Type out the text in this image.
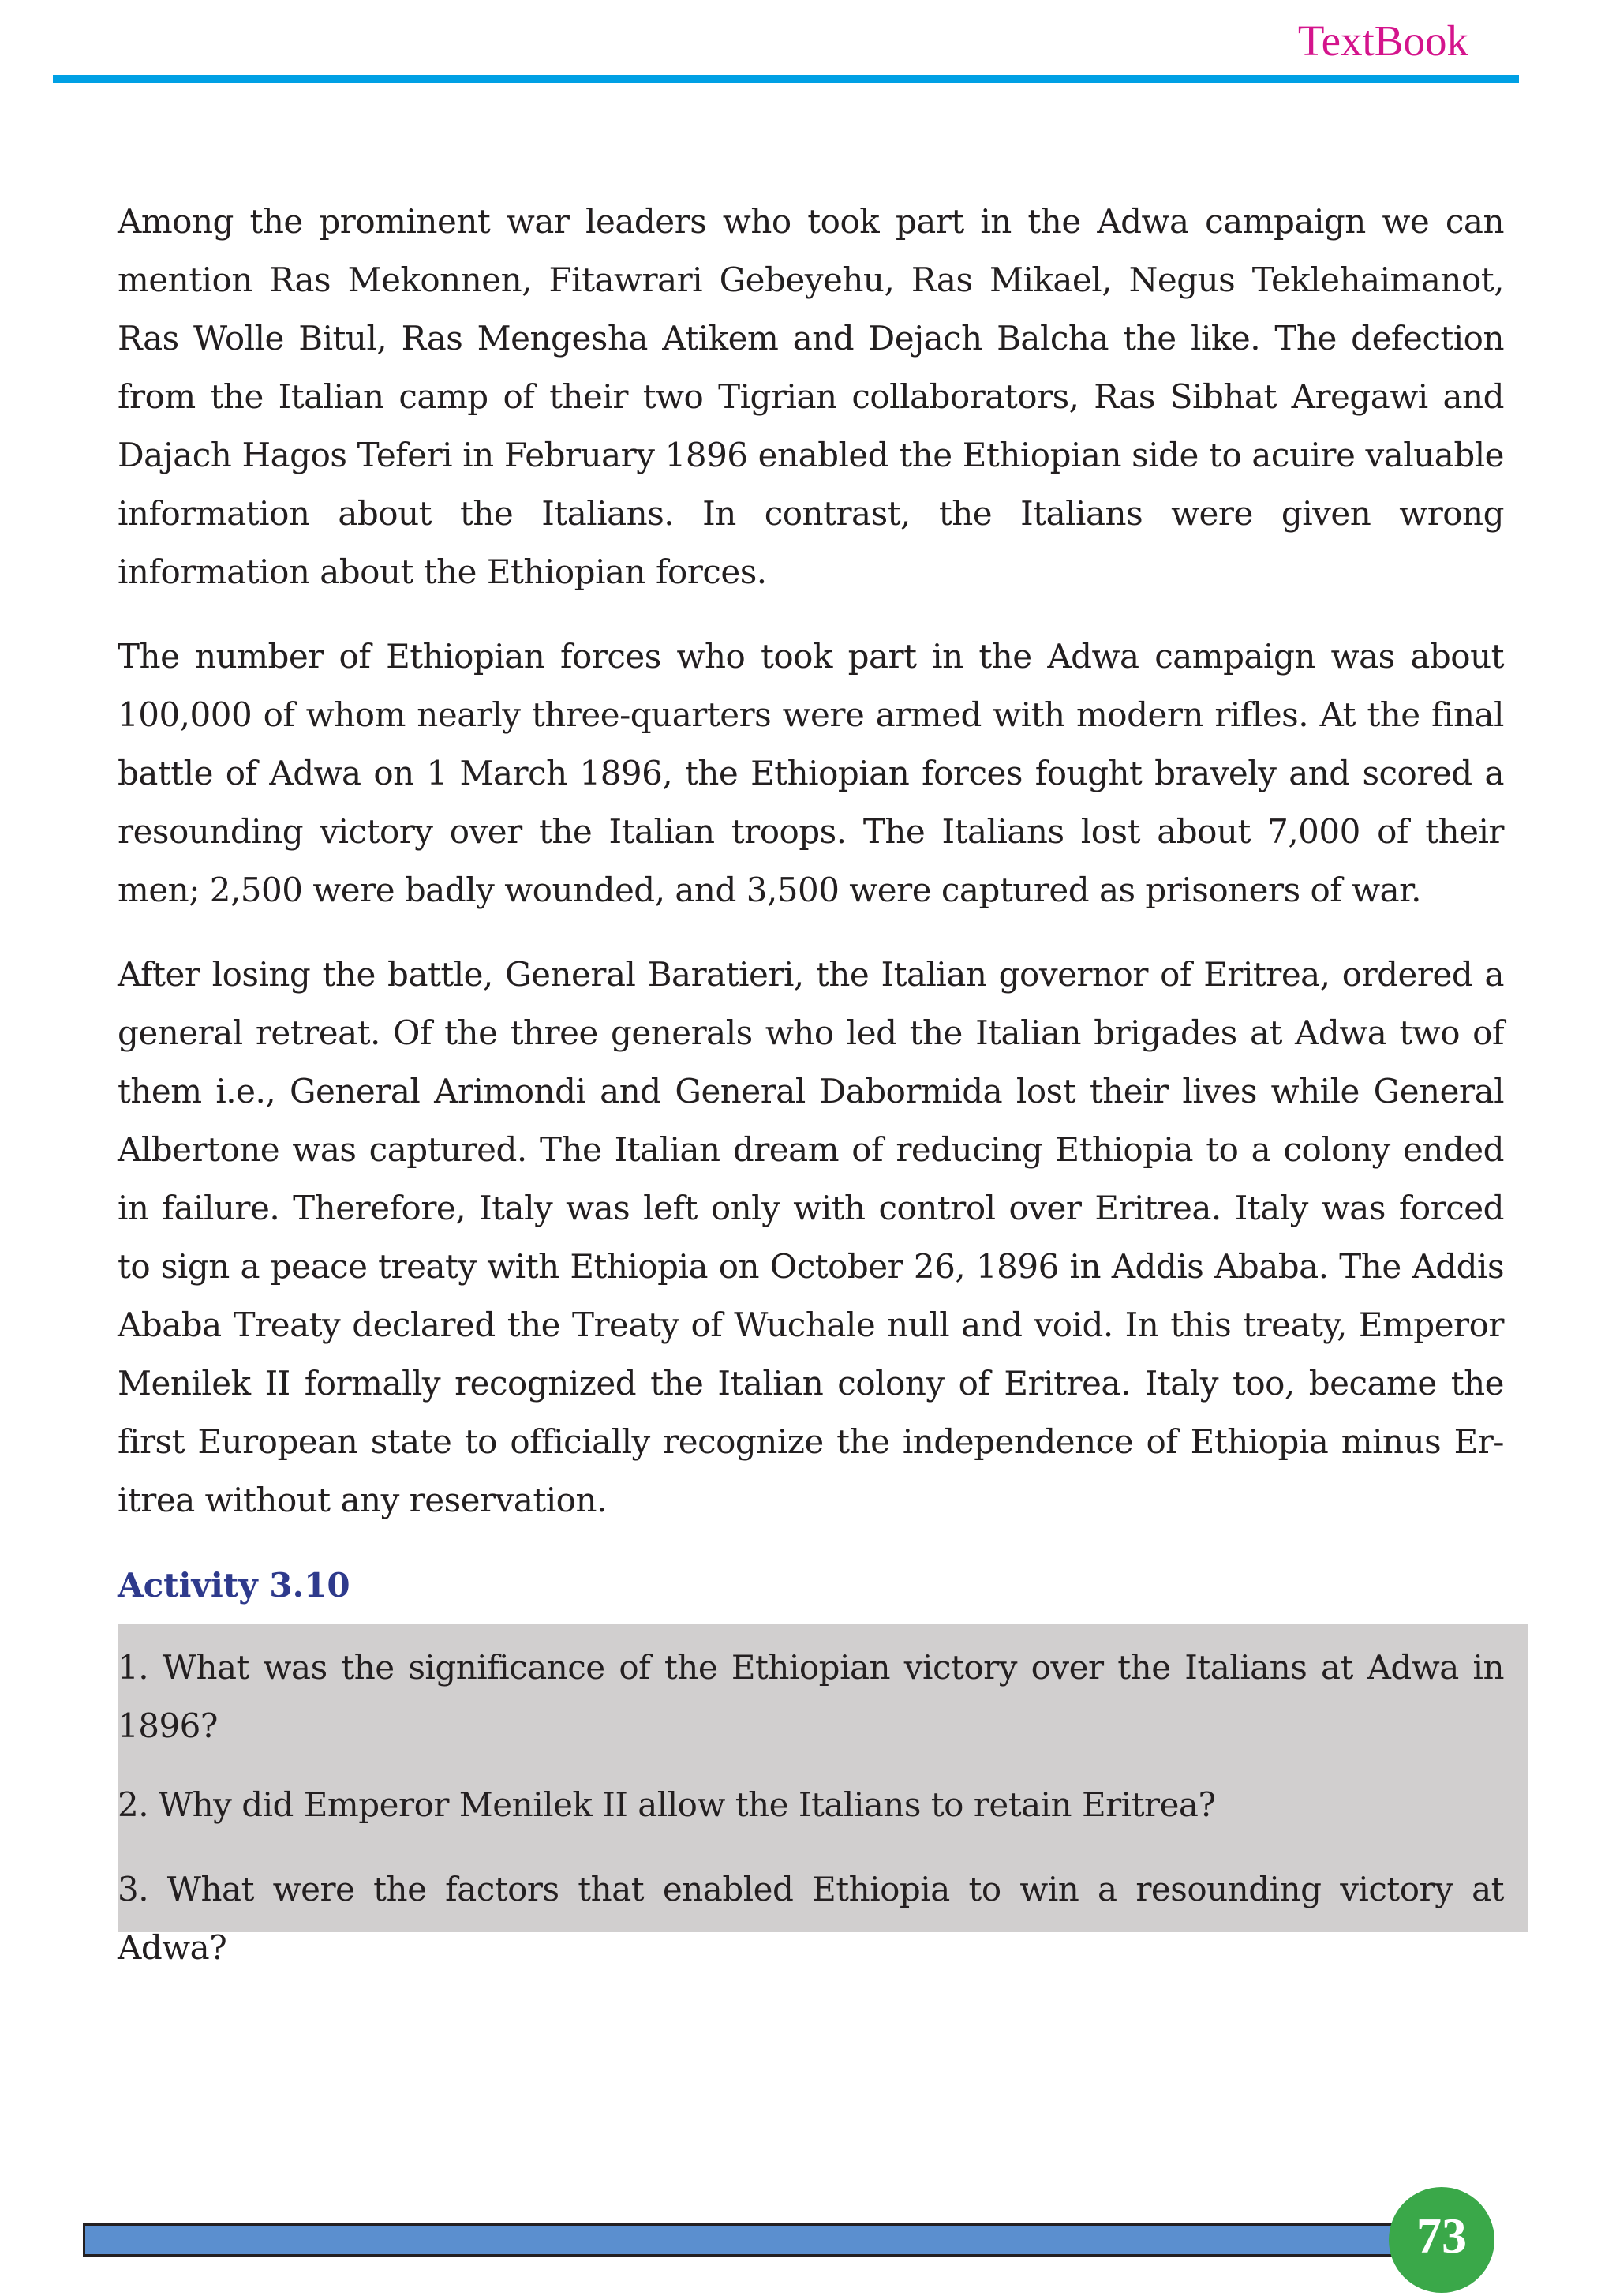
TextBook

Among the prominent war leaders who took part in the Adwa campaign we can mention Ras Mekonnen, Fitawrari Gebeyehu, Ras Mikael, Negus Teklehaimanot, Ras Wolle Bitul, Ras Mengesha Atikem and Dejach Balcha the like. The defection from the Italian camp of their two Tigrian collaborators, Ras Sibhat Aregawi and Dajach Hagos Teferi in February 1896 enabled the Ethiopian side to acuire valuable information about the Italians. In contrast, the Italians were given wrong information about the Ethiopian forces.

The number of Ethiopian forces who took part in the Adwa campaign was about 100,000 of whom nearly three-quarters were armed with modern rifles. At the final battle of Adwa on 1 March 1896, the Ethiopian forces fought bravely and scored a resounding victory over the Italian troops. The Italians lost about 7,000 of their men; 2,500 were badly wounded, and 3,500 were captured as prisoners of war.

After losing the battle, General Baratieri, the Italian governor of Eritrea, ordered a general retreat. Of the three generals who led the Italian brigades at Adwa two of them i.e., General Arimondi and General Dabormida lost their lives while General Albertone was captured. The Italian dream of reducing Ethiopia to a colony ended in failure. Therefore, Italy was left only with control over Eritrea. Italy was forced to sign a peace treaty with Ethiopia on October 26, 1896 in Addis Ababa. The Addis Ababa Treaty declared the Treaty of Wuchale null and void. In this treaty, Emperor Menilek II formally recognized the Italian colony of Eritrea. Italy too, became the first European state to officially recognize the independence of Ethiopia minus Er-itrea without any reservation.

Activity 3.10

1. What was the significance of the Ethiopian victory over the Italians at Adwa in 1896?

2. Why did Emperor Menilek II allow the Italians to retain Eritrea?

3. What were the factors that enabled Ethiopia to win a resounding victory at Adwa?

73
